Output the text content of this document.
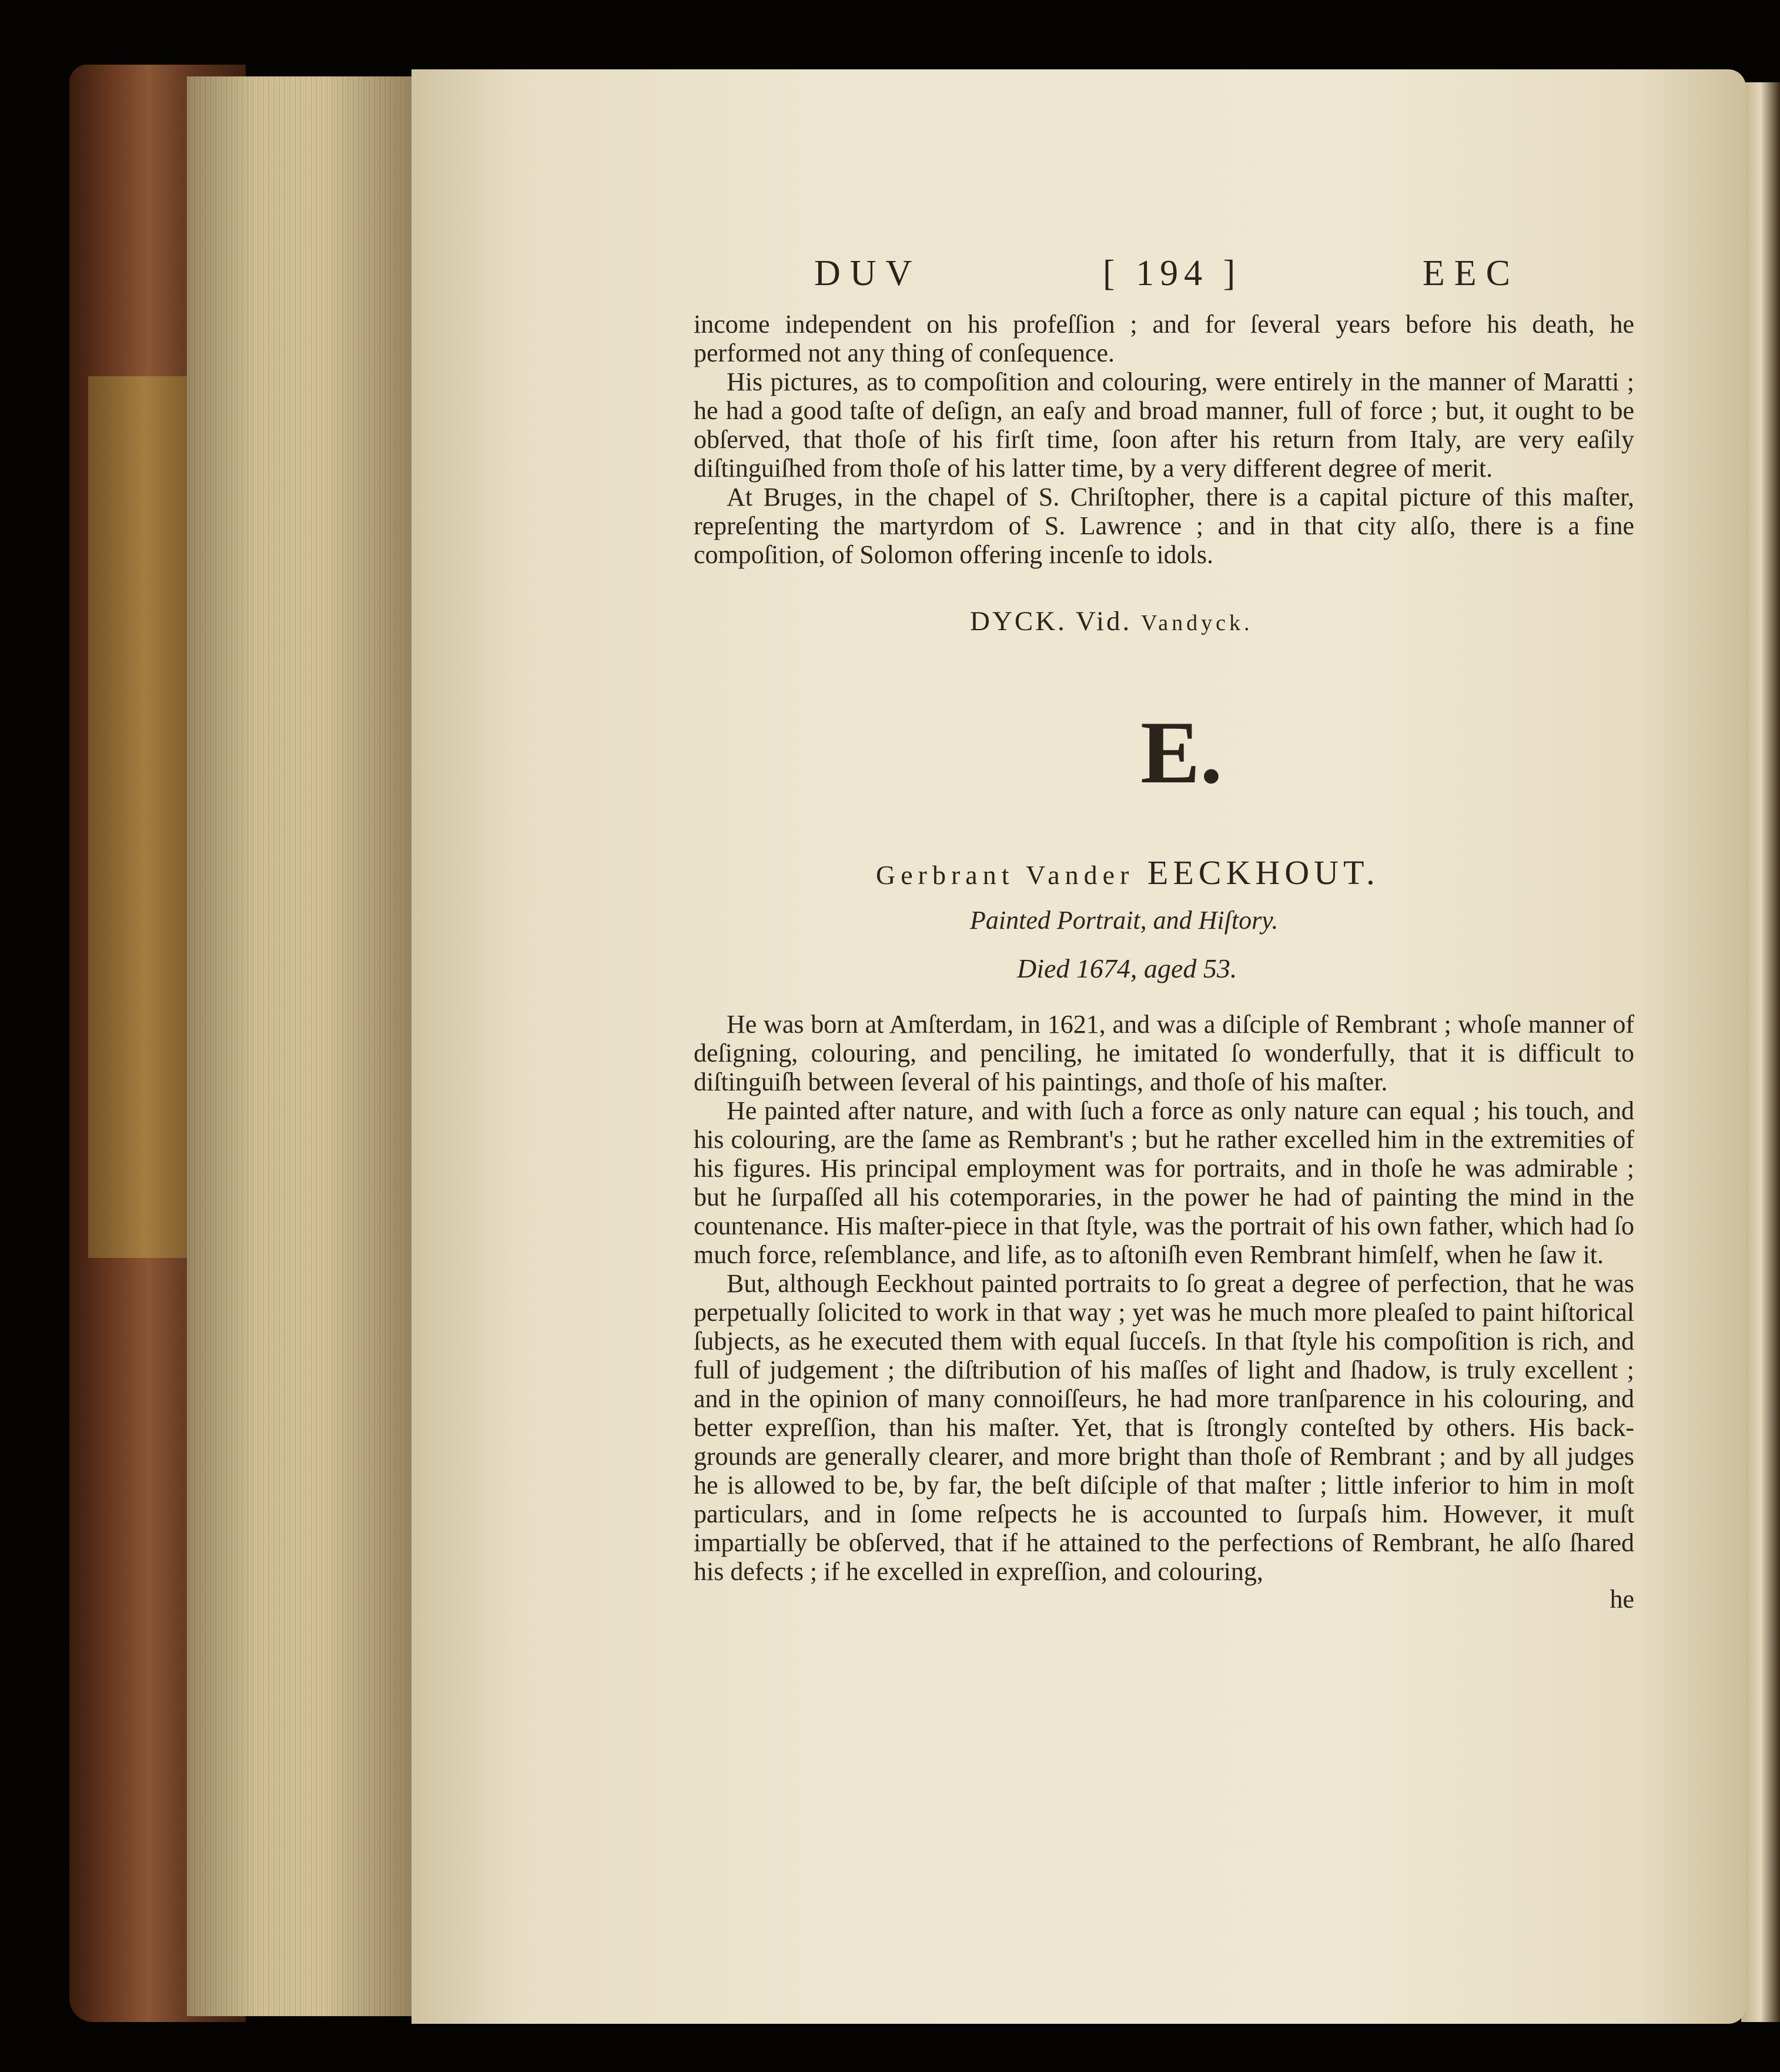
DUV	[ 194 ]	EEC

income independent on his profeſſion ; and for ſeveral years before his death, he performed not any thing of conſequence.

His pictures, as to compoſition and colouring, were entirely in the manner of Maratti ; he had a good taſte of deſign, an eaſy and broad manner, full of force ; but, it ought to be obſerved, that thoſe of his firſt time, ſoon after his return from Italy, are very eaſily diſtinguiſhed from thoſe of his latter time, by a very different degree of merit.

At Bruges, in the chapel of S. Chriſtopher, there is a capital picture of this maſter, repreſenting the martyrdom of S. Lawrence ; and in that city alſo, there is a fine compoſition, of Solomon offering incenſe to idols.

DYCK. Vid. Vandyck.
E.
Gerbrant Vander EECKHOUT.
Painted Portrait, and Hiſtory.
Died 1674, aged 53.

He was born at Amſterdam, in 1621, and was a diſciple of Rembrant ; whoſe manner of deſigning, colouring, and penciling, he imitated ſo wonderfully, that it is difficult to diſtinguiſh between ſeveral of his paintings, and thoſe of his maſter.

He painted after nature, and with ſuch a force as only nature can equal ; his touch, and his colouring, are the ſame as Rembrant's ; but he rather excelled him in the extremities of his figures. His principal employment was for portraits, and in thoſe he was admirable ; but he ſurpaſſed all his cotemporaries, in the power he had of painting the mind in the countenance. His maſter-piece in that ſtyle, was the portrait of his own father, which had ſo much force, reſemblance, and life, as to aſtoniſh even Rembrant himſelf, when he ſaw it.

But, although Eeckhout painted portraits to ſo great a degree of perfection, that he was perpetually ſolicited to work in that way ; yet was he much more pleaſed to paint hiſtorical ſubjects, as he executed them with equal ſucceſs. In that ſtyle his compoſition is rich, and full of judgement ; the diſtribution of his maſſes of light and ſhadow, is truly excellent ; and in the opinion of many connoiſſeurs, he had more tranſparence in his colouring, and better expreſſion, than his maſter. Yet, that is ſtrongly conteſted by others. His back-grounds are generally clearer, and more bright than thoſe of Rembrant ; and by all judges he is allowed to be, by far, the beſt diſciple of that maſter ; little inferior to him in moſt particulars, and in ſome reſpects he is accounted to ſurpaſs him. However, it muſt impartially be obſerved, that if he attained to the perfections of Rembrant, he alſo ſhared his defects ; if he excelled in expreſſion, and colouring,

he
